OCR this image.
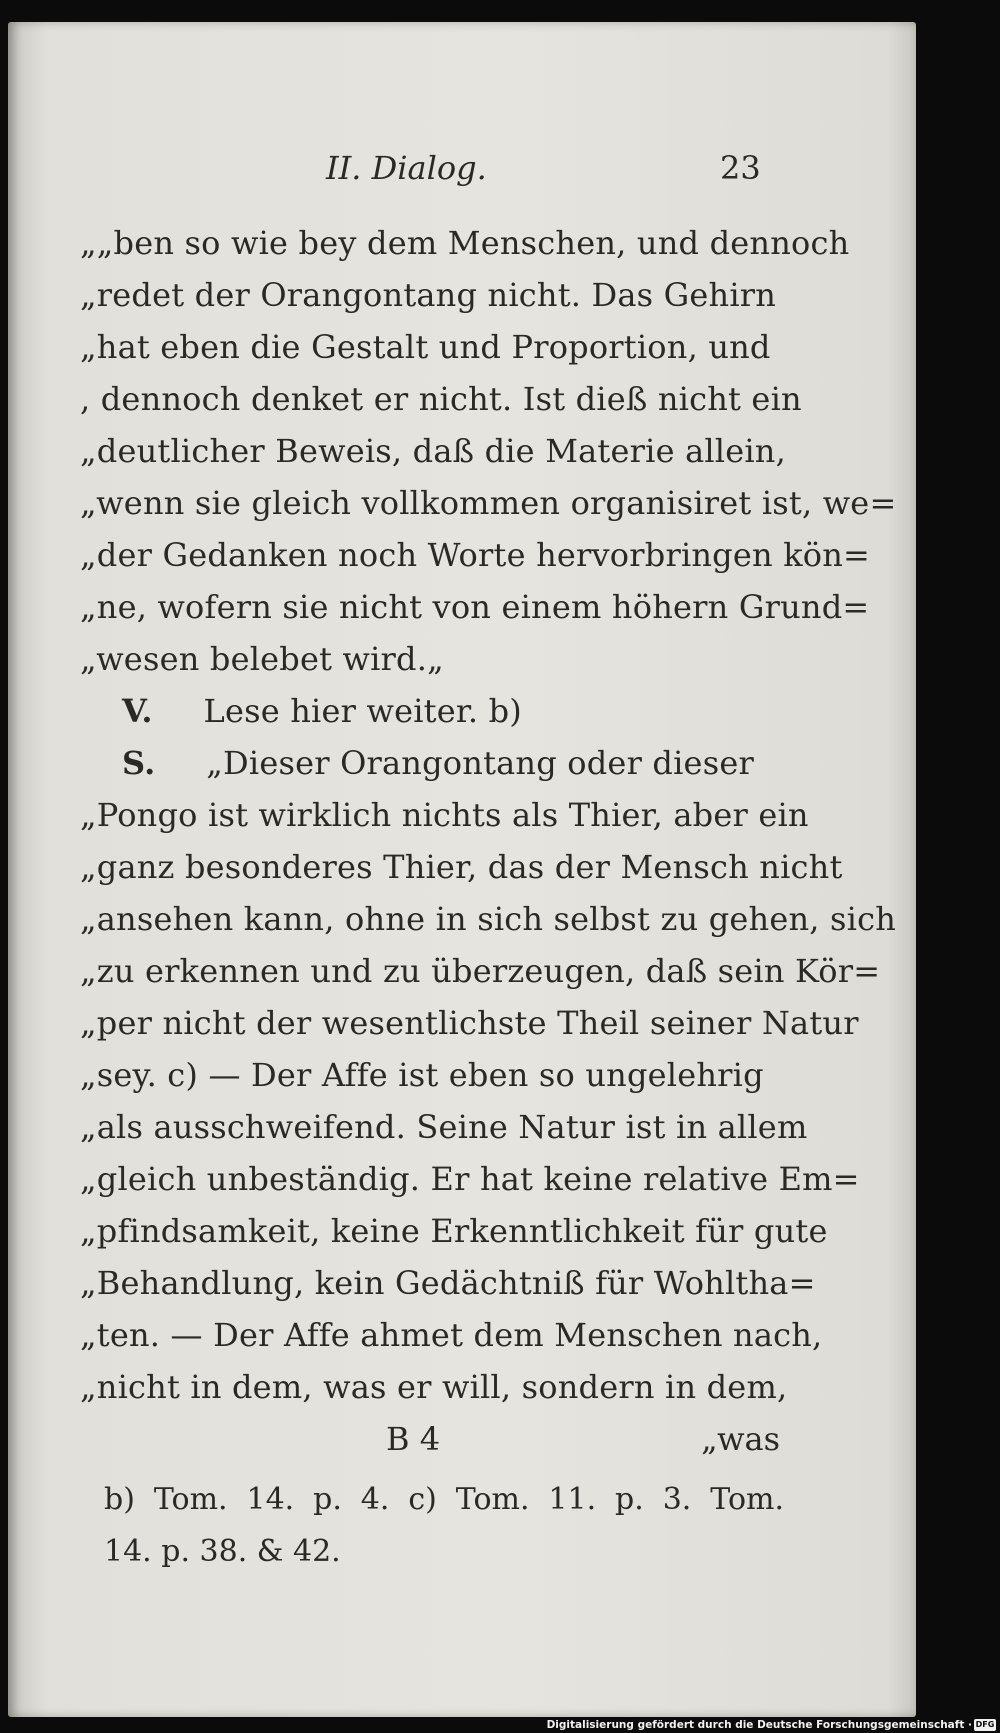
II. Dialog.	23
„„ben so wie bey dem Menschen, und dennoch
„redet der Orangontang nicht. Das Gehirn
„hat eben die Gestalt und Proportion, und
, dennoch denket er nicht. Ist dieß nicht ein
„deutlicher Beweis, daß die Materie allein,
„wenn sie gleich vollkommen organisiret ist, we=
„der Gedanken noch Worte hervorbringen kön=
„ne, wofern sie nicht von einem höhern Grund=
„wesen belebet wird.„
V. Lese hier weiter. b)
S. „Dieser Orangontang oder dieser
„Pongo ist wirklich nichts als Thier, aber ein
„ganz besonderes Thier, das der Mensch nicht
„ansehen kann, ohne in sich selbst zu gehen, sich
„zu erkennen und zu überzeugen, daß sein Kör=
„per nicht der wesentlichste Theil seiner Natur
„sey. c) — Der Affe ist eben so ungelehrig
„als ausschweifend. Seine Natur ist in allem
„gleich unbeständig. Er hat keine relative Em=
„pfindsamkeit, keine Erkenntlichkeit für gute
„Behandlung, kein Gedächtniß für Wohltha=
„ten. — Der Affe ahmet dem Menschen nach,
„nicht in dem, was er will, sondern in dem,
B 4	„was
b) Tom. 14. p. 4. c) Tom. 11. p. 3. Tom.
14. p. 38. & 42.
Digitalisierung gefördert durch die Deutsche Forschungsgemeinschaft · DFG
